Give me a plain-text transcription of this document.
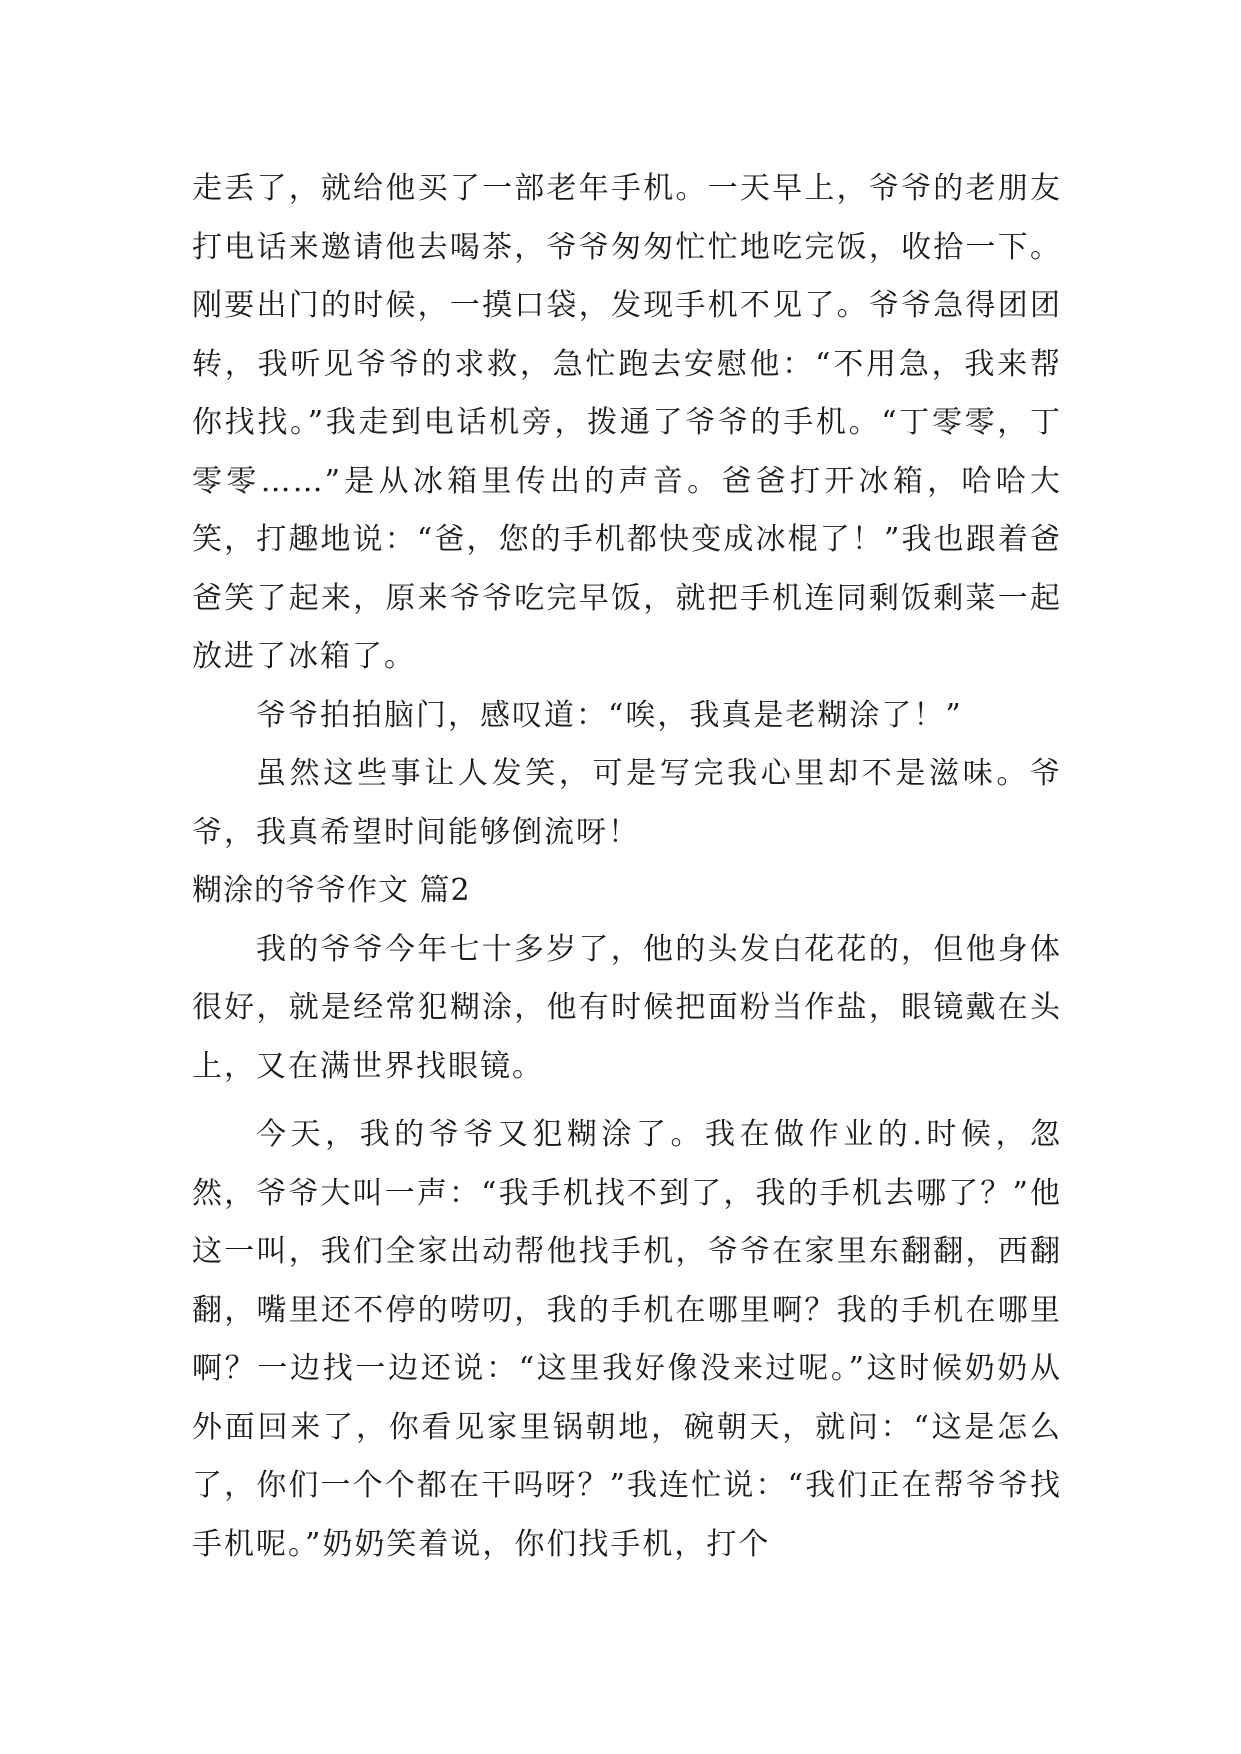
走丢了，就给他买了一部老年手机。一天早上，爷爷的老朋友打电话来邀请他去喝茶，爷爷匆匆忙忙地吃完饭，收拾一下。刚要出门的时候，一摸口袋，发现手机不见了。爷爷急得团团转，我听见爷爷的求救，急忙跑去安慰他：“不用急，我来帮你找找。”我走到电话机旁，拨通了爷爷的手机。“丁零零，丁零零……”是从冰箱里传出的声音。爸爸打开冰箱，哈哈大笑，打趣地说：“爸，您的手机都快变成冰棍了！”我也跟着爸爸笑了起来，原来爷爷吃完早饭，就把手机连同剩饭剩菜一起放进了冰箱了。

爷爷拍拍脑门，感叹道：“唉，我真是老糊涂了！”

虽然这些事让人发笑，可是写完我心里却不是滋味。爷爷，我真希望时间能够倒流呀！

糊涂的爷爷作文 篇2

我的爷爷今年七十多岁了，他的头发白花花的，但他身体很好，就是经常犯糊涂，他有时候把面粉当作盐，眼镜戴在头上，又在满世界找眼镜。

今天，我的爷爷又犯糊涂了。我在做作业的.时候，忽然，爷爷大叫一声：“我手机找不到了，我的手机去哪了？”他这一叫，我们全家出动帮他找手机，爷爷在家里东翻翻，西翻翻，嘴里还不停的唠叨，我的手机在哪里啊？我的手机在哪里啊？一边找一边还说：“这里我好像没来过呢。”这时候奶奶从外面回来了，你看见家里锅朝地，碗朝天，就问：“这是怎么了，你们一个个都在干吗呀？”我连忙说：“我们正在帮爷爷找手机呢。”奶奶笑着说，你们找手机，打个
